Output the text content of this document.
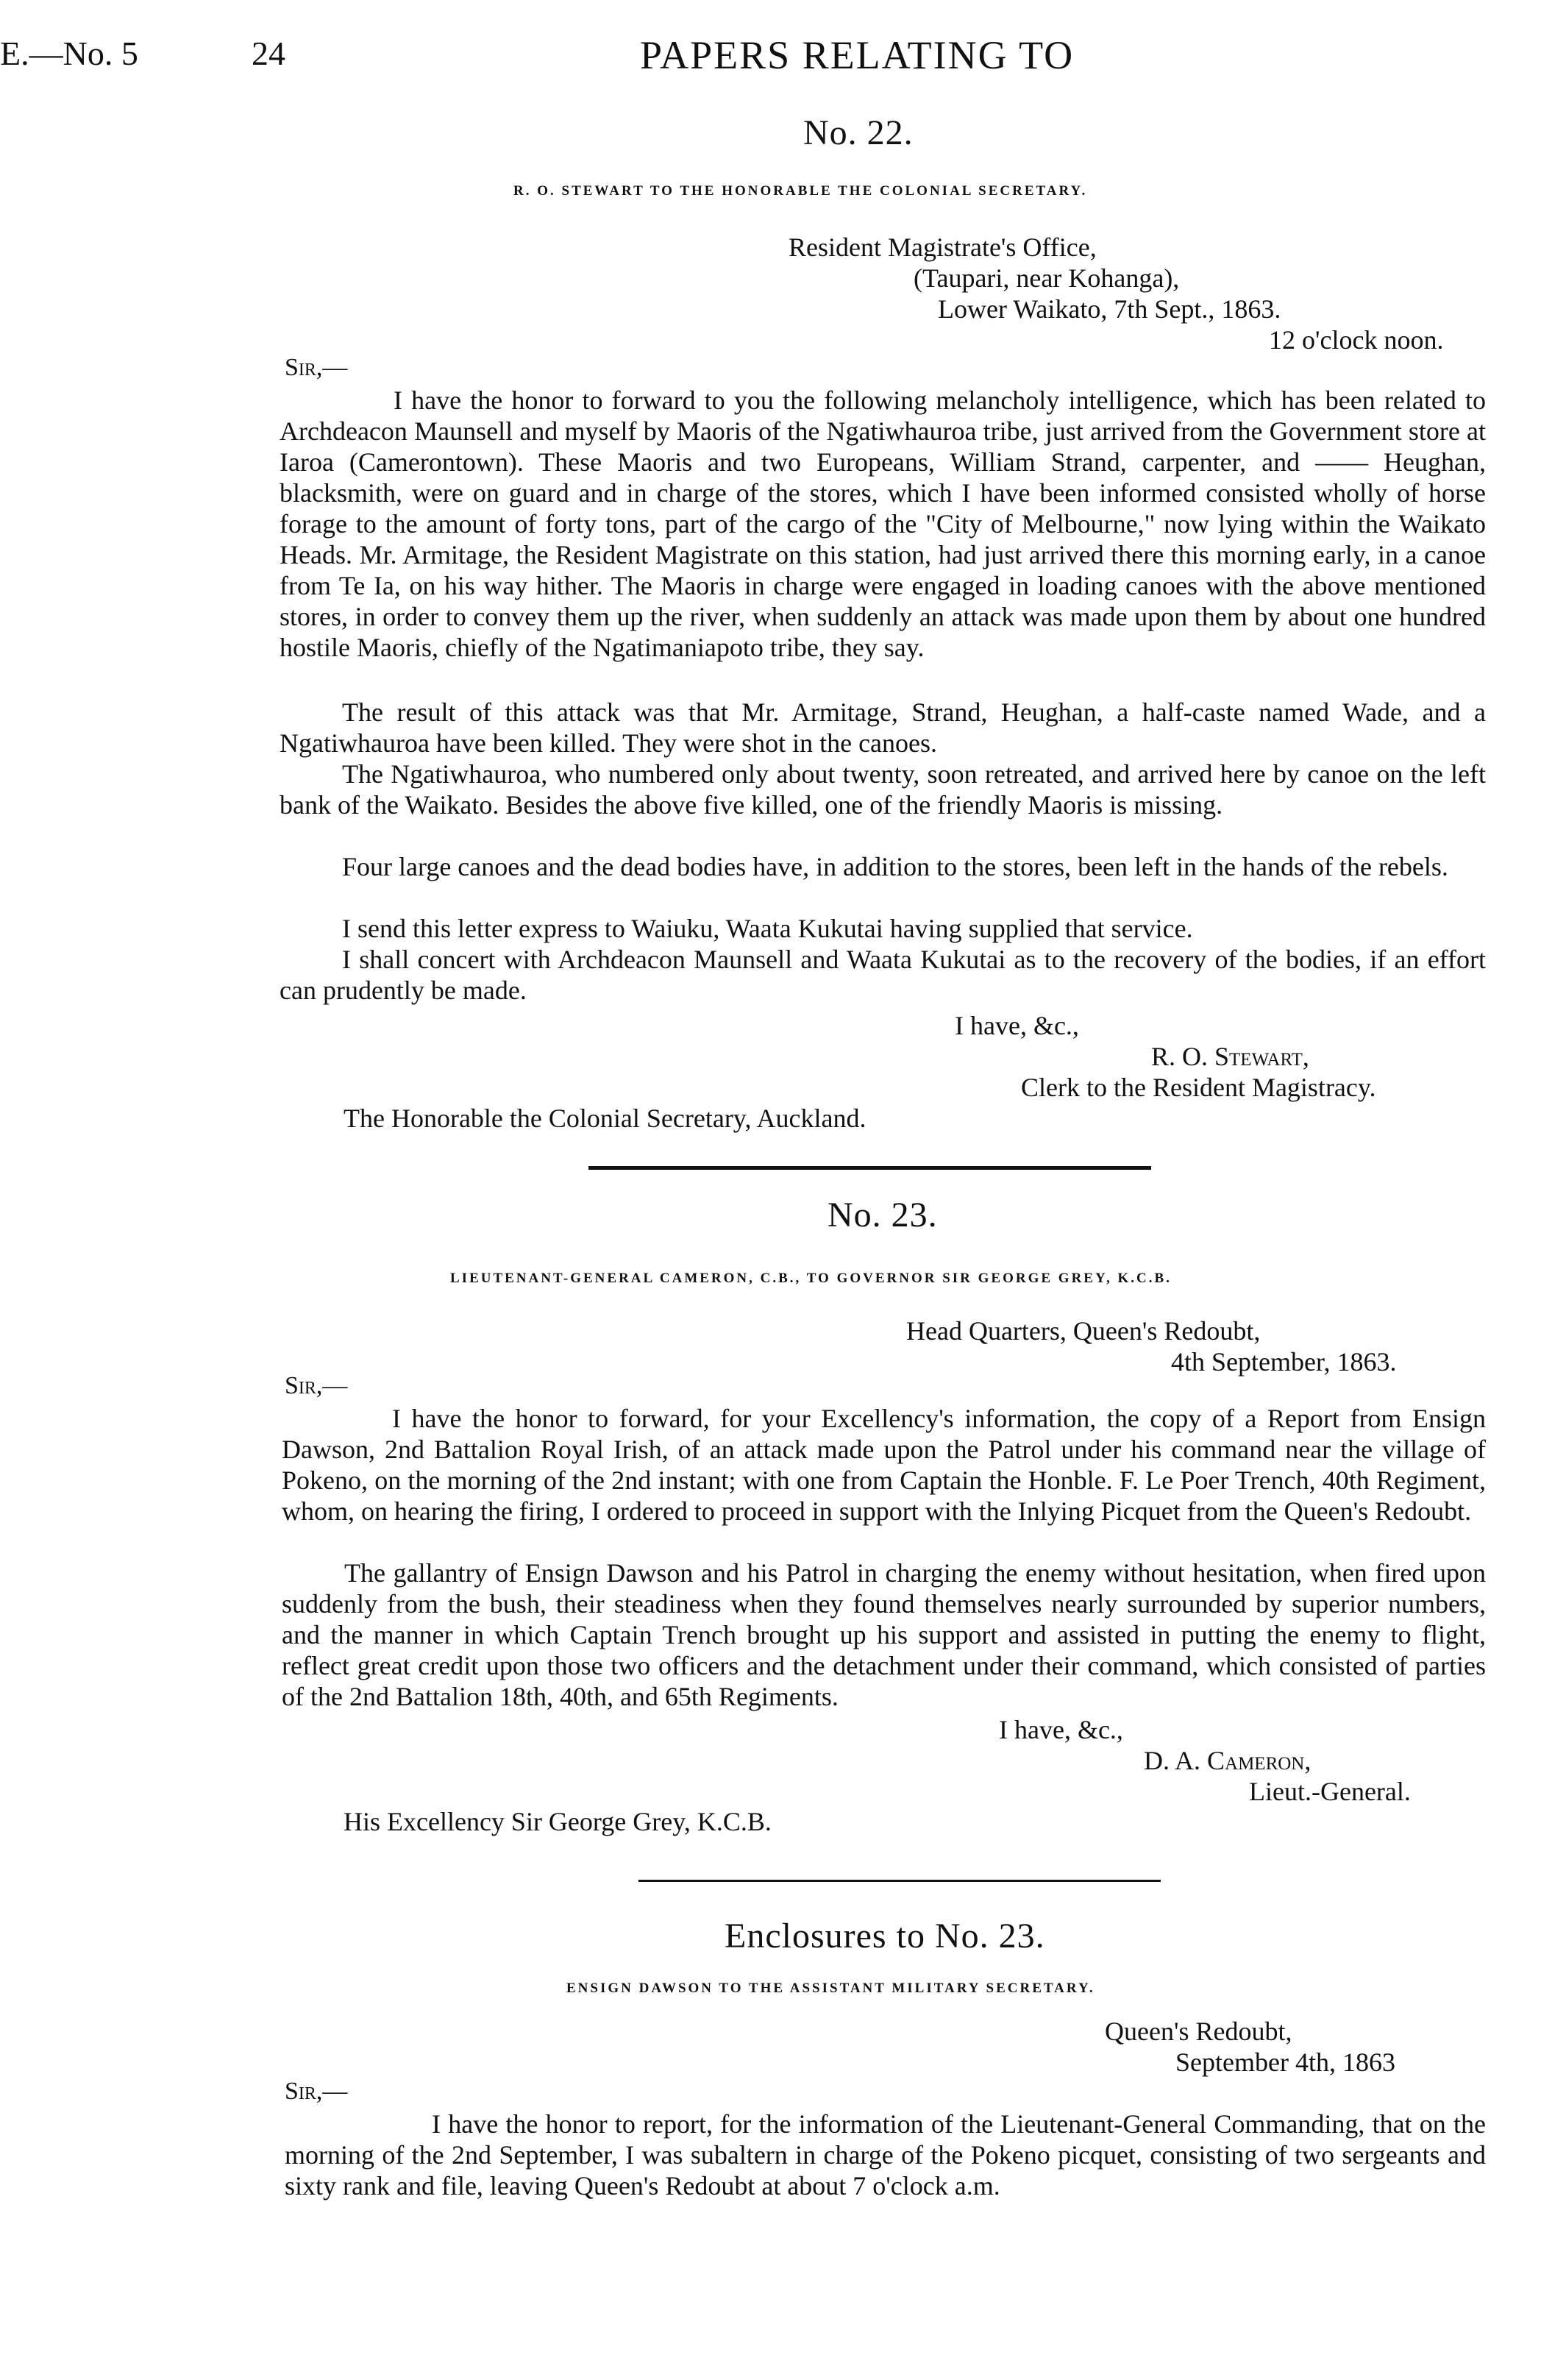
E.—No. 5	24	PAPERS RELATING TO
No. 22.
R. O. STEWART TO THE HONORABLE THE COLONIAL SECRETARY.
Resident Magistrate's Office,
(Taupari, near Kohanga),
Lower Waikato, 7th Sept., 1863.
12 o'clock noon.
Sir,—
I have the honor to forward to you the following melancholy intelligence, which has been related to Archdeacon Maunsell and myself by Maoris of the Ngatiwhauroa tribe, just arrived from the Government store at Iaroa (Camerontown). These Maoris and two Europeans, William Strand, carpenter, and —— Heughan, blacksmith, were on guard and in charge of the stores, which I have been informed consisted wholly of horse forage to the amount of forty tons, part of the cargo of the "City of Melbourne," now lying within the Waikato Heads. Mr. Armitage, the Resident Magistrate on this station, had just arrived there this morning early, in a canoe from Te Ia, on his way hither. The Maoris in charge were engaged in loading canoes with the above mentioned stores, in order to convey them up the river, when suddenly an attack was made upon them by about one hundred hostile Maoris, chiefly of the Ngatimaniapoto tribe, they say.
The result of this attack was that Mr. Armitage, Strand, Heughan, a half-caste named Wade, and a Ngatiwhauroa have been killed. They were shot in the canoes.
The Ngatiwhauroa, who numbered only about twenty, soon retreated, and arrived here by canoe on the left bank of the Waikato. Besides the above five killed, one of the friendly Maoris is missing.
Four large canoes and the dead bodies have, in addition to the stores, been left in the hands of the rebels.
I send this letter express to Waiuku, Waata Kukutai having supplied that service.
I shall concert with Archdeacon Maunsell and Waata Kukutai as to the recovery of the bodies, if an effort can prudently be made.
I have, &c.,
R. O. Stewart,
Clerk to the Resident Magistracy.
The Honorable the Colonial Secretary, Auckland.
No. 23.
LIEUTENANT-GENERAL CAMERON, C.B., TO GOVERNOR SIR GEORGE GREY, K.C.B.
Head Quarters, Queen's Redoubt,
4th September, 1863.
Sir,—
I have the honor to forward, for your Excellency's information, the copy of a Report from Ensign Dawson, 2nd Battalion Royal Irish, of an attack made upon the Patrol under his command near the village of Pokeno, on the morning of the 2nd instant; with one from Captain the Honble. F. Le Poer Trench, 40th Regiment, whom, on hearing the firing, I ordered to proceed in support with the Inlying Picquet from the Queen's Redoubt.
The gallantry of Ensign Dawson and his Patrol in charging the enemy without hesitation, when fired upon suddenly from the bush, their steadiness when they found themselves nearly surrounded by superior numbers, and the manner in which Captain Trench brought up his support and assisted in putting the enemy to flight, reflect great credit upon those two officers and the detachment under their command, which consisted of parties of the 2nd Battalion 18th, 40th, and 65th Regiments.
I have, &c.,
D. A. Cameron,
Lieut.-General.
His Excellency Sir George Grey, K.C.B.
Enclosures to No. 23.
ENSIGN DAWSON TO THE ASSISTANT MILITARY SECRETARY.
Queen's Redoubt,
September 4th, 1863
Sir,—
I have the honor to report, for the information of the Lieutenant-General Commanding, that on the morning of the 2nd September, I was subaltern in charge of the Pokeno picquet, consisting of two sergeants and sixty rank and file, leaving Queen's Redoubt at about 7 o'clock a.m.
